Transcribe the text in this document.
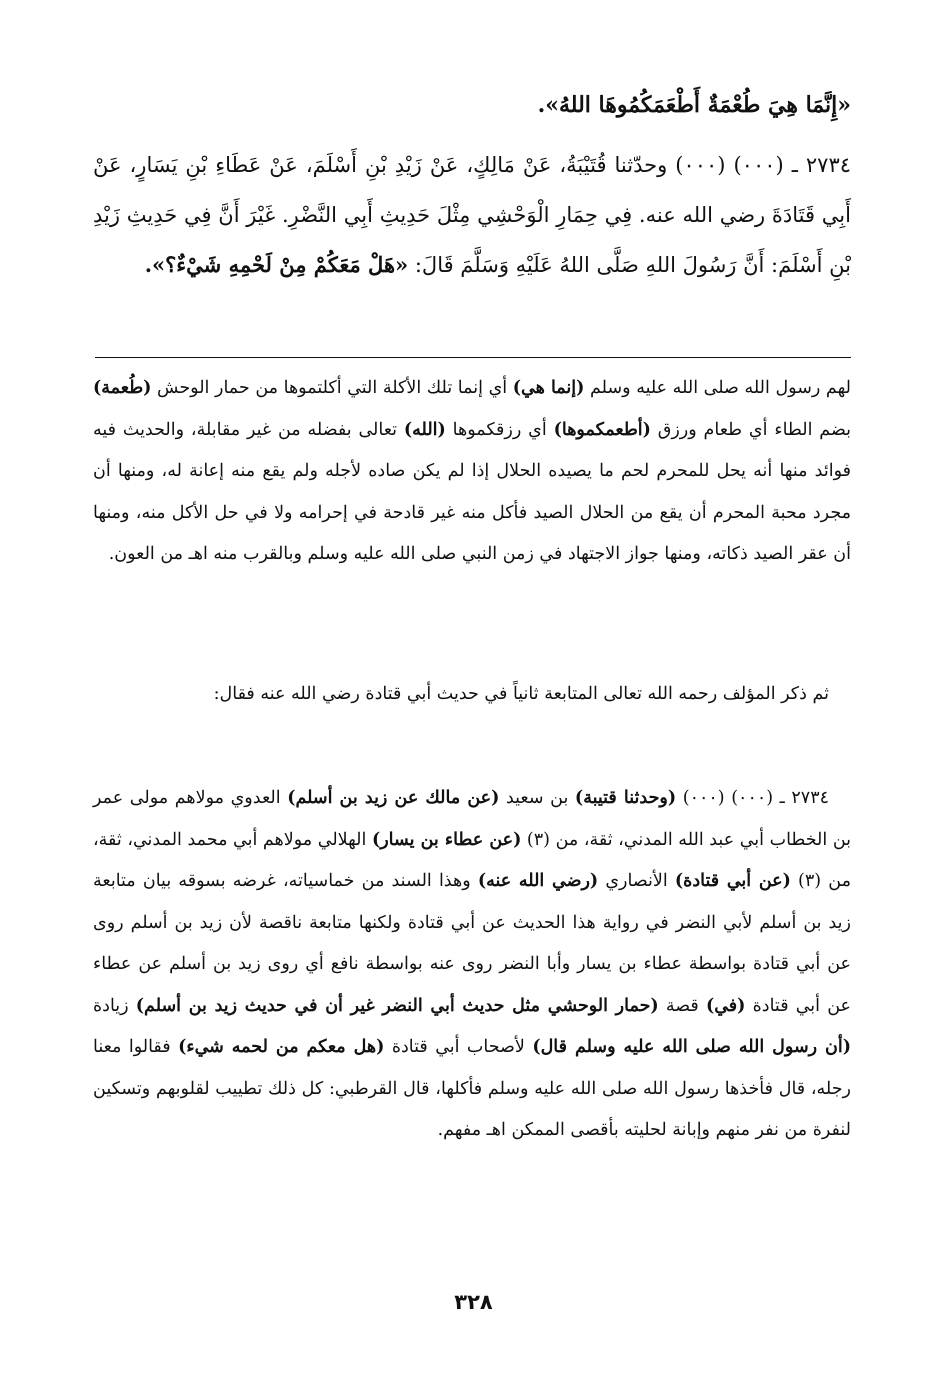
«إِنَّمَا هِيَ طُعْمَةٌ أَطْعَمَكُمُوهَا اللهُ».
٢٧٣٤ ـ (٠٠٠) (٠٠٠) وحدّثنا قُتَيْبَةُ، عَنْ مَالِكٍ، عَنْ زَيْدِ بْنِ أَسْلَمَ، عَنْ عَطَاءِ بْنِ يَسَارٍ، عَنْ أَبِي قَتَادَةَ رضي الله عنه. فِي حِمَارِ الْوَحْشِي مِثْلَ حَدِيثِ أَبِي النَّضْرِ. غَيْرَ أَنَّ فِي حَدِيثِ زَيْدِ بْنِ أَسْلَمَ: أَنَّ رَسُولَ اللهِ صَلَّى اللهُ عَلَيْهِ وَسَلَّمَ قَالَ: «هَلْ مَعَكُمْ مِنْ لَحْمِهِ شَيْءٌ؟».
لهم رسول الله صلى الله عليه وسلم (إنما هي) أي إنما تلك الأكلة التي أكلتموها من حمار الوحش (طُعمة) بضم الطاء أي طعام ورزق (أطعمكموها) أي رزقكموها (الله) تعالى بفضله من غير مقابلة، والحديث فيه فوائد منها أنه يحل للمحرم لحم ما يصيده الحلال إذا لم يكن صاده لأجله ولم يقع منه إعانة له، ومنها أن مجرد محبة المحرم أن يقع من الحلال الصيد فأكل منه غير قادحة في إحرامه ولا في حل الأكل منه، ومنها أن عقر الصيد ذكاته، ومنها جواز الاجتهاد في زمن النبي صلى الله عليه وسلم وبالقرب منه اهـ من العون.
ثم ذكر المؤلف رحمه الله تعالى المتابعة ثانياً في حديث أبي قتادة رضي الله عنه فقال:
٢٧٣٤ ـ (٠٠٠) (٠٠٠) (وحدثنا قتيبة) بن سعيد (عن مالك عن زيد بن أسلم) العدوي مولاهم مولى عمر بن الخطاب أبي عبد الله المدني، ثقة، من (٣) (عن عطاء بن يسار) الهلالي مولاهم أبي محمد المدني، ثقة، من (٣) (عن أبي قتادة) الأنصاري (رضي الله عنه) وهذا السند من خماسياته، غرضه بسوقه بيان متابعة زيد بن أسلم لأبي النضر في رواية هذا الحديث عن أبي قتادة ولكنها متابعة ناقصة لأن زيد بن أسلم روى عن أبي قتادة بواسطة عطاء بن يسار وأبا النضر روى عنه بواسطة نافع أي روى زيد بن أسلم عن عطاء عن أبي قتادة (في) قصة (حمار الوحشي مثل حديث أبي النضر غير أن في حديث زيد بن أسلم) زيادة (أن رسول الله صلى الله عليه وسلم قال) لأصحاب أبي قتادة (هل معكم من لحمه شيء) فقالوا معنا رجله، قال فأخذها رسول الله صلى الله عليه وسلم فأكلها، قال القرطبي: كل ذلك تطييب لقلوبهم وتسكين لنفرة من نفر منهم وإبانة لحليته بأقصى الممكن اهـ مفهم.
٣٢٨
